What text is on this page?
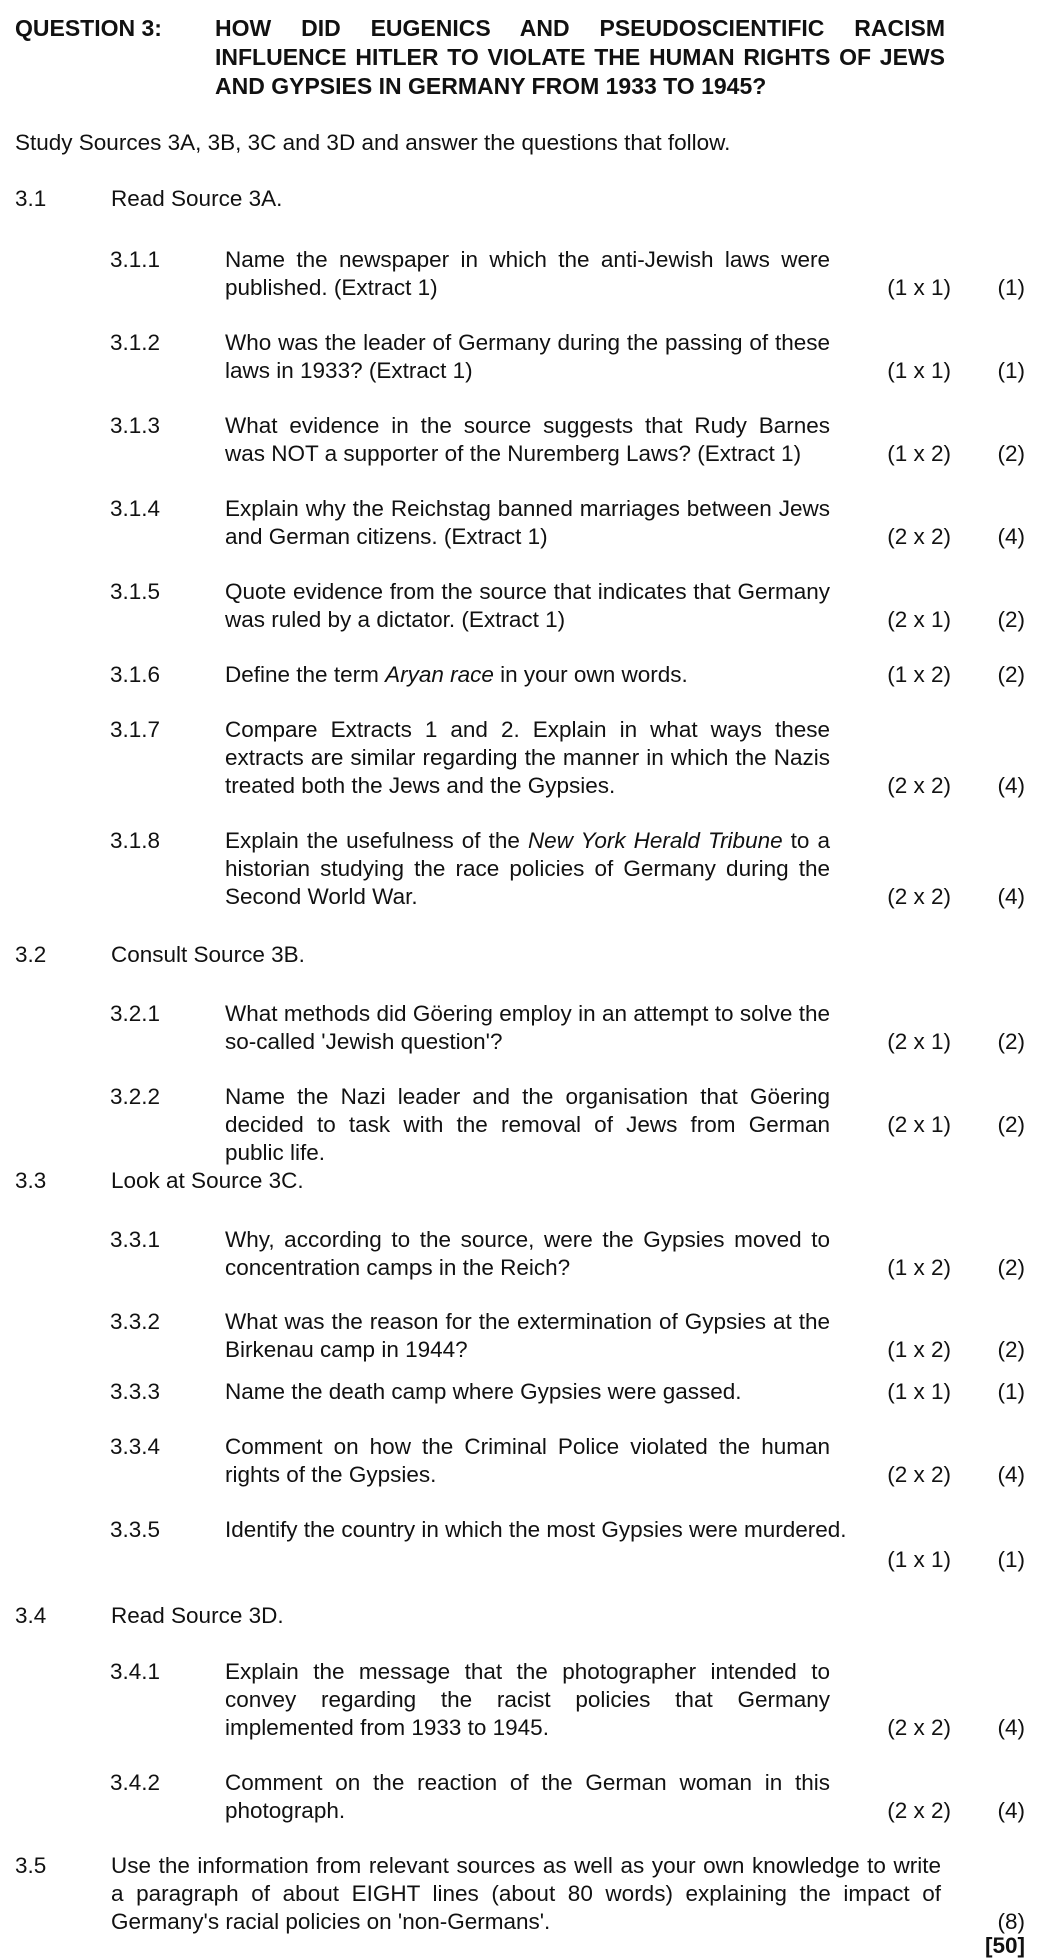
QUESTION 3: HOW DID EUGENICS AND PSEUDOSCIENTIFIC RACISM INFLUENCE HITLER TO VIOLATE THE HUMAN RIGHTS OF JEWS AND GYPSIES IN GERMANY FROM 1933 TO 1945?
Study Sources 3A, 3B, 3C and 3D and answer the questions that follow.
3.1	Read Source 3A.
3.1.1	Name the newspaper in which the anti-Jewish laws were published. (Extract 1)	(1 x 1) (1)
3.1.2	Who was the leader of Germany during the passing of these laws in 1933? (Extract 1)	(1 x 1) (1)
3.1.3	What evidence in the source suggests that Rudy Barnes was NOT a supporter of the Nuremberg Laws? (Extract 1)	(1 x 2) (2)
3.1.4	Explain why the Reichstag banned marriages between Jews and German citizens. (Extract 1)	(2 x 2) (4)
3.1.5	Quote evidence from the source that indicates that Germany was ruled by a dictator. (Extract 1)	(2 x 1) (2)
3.1.6	Define the term Aryan race in your own words.	(1 x 2) (2)
3.1.7	Compare Extracts 1 and 2. Explain in what ways these extracts are similar regarding the manner in which the Nazis treated both the Jews and the Gypsies.	(2 x 2) (4)
3.1.8	Explain the usefulness of the New York Herald Tribune to a historian studying the race policies of Germany during the Second World War.	(2 x 2) (4)
3.2	Consult Source 3B.
3.2.1	What methods did Göering employ in an attempt to solve the so-called 'Jewish question'?	(2 x 1) (2)
3.2.2	Name the Nazi leader and the organisation that Göering decided to task with the removal of Jews from German public life.
(2 x 1) (2)
3.3	Look at Source 3C.
3.3.1	Why, according to the source, were the Gypsies moved to concentration camps in the Reich?	(1 x 2) (2)
3.3.2	What was the reason for the extermination of Gypsies at the Birkenau camp in 1944?	(1 x 2) (2)
3.3.3	Name the death camp where Gypsies were gassed.	(1 x 1) (1)
3.3.4	Comment on how the Criminal Police violated the human rights of the Gypsies.	(2 x 2) (4)
3.3.5	Identify the country in which the most Gypsies were murdered.
(1 x 1) (1)
3.4	Read Source 3D.
3.4.1	Explain the message that the photographer intended to convey regarding the racist policies that Germany implemented from 1933 to 1945.	(2 x 2) (4)
3.4.2	Comment on the reaction of the German woman in this photograph.	(2 x 2) (4)
3.5	Use the information from relevant sources as well as your own knowledge to write a paragraph of about EIGHT lines (about 80 words) explaining the impact of Germany's racial policies on 'non-Germans'.	(8)
[50]
